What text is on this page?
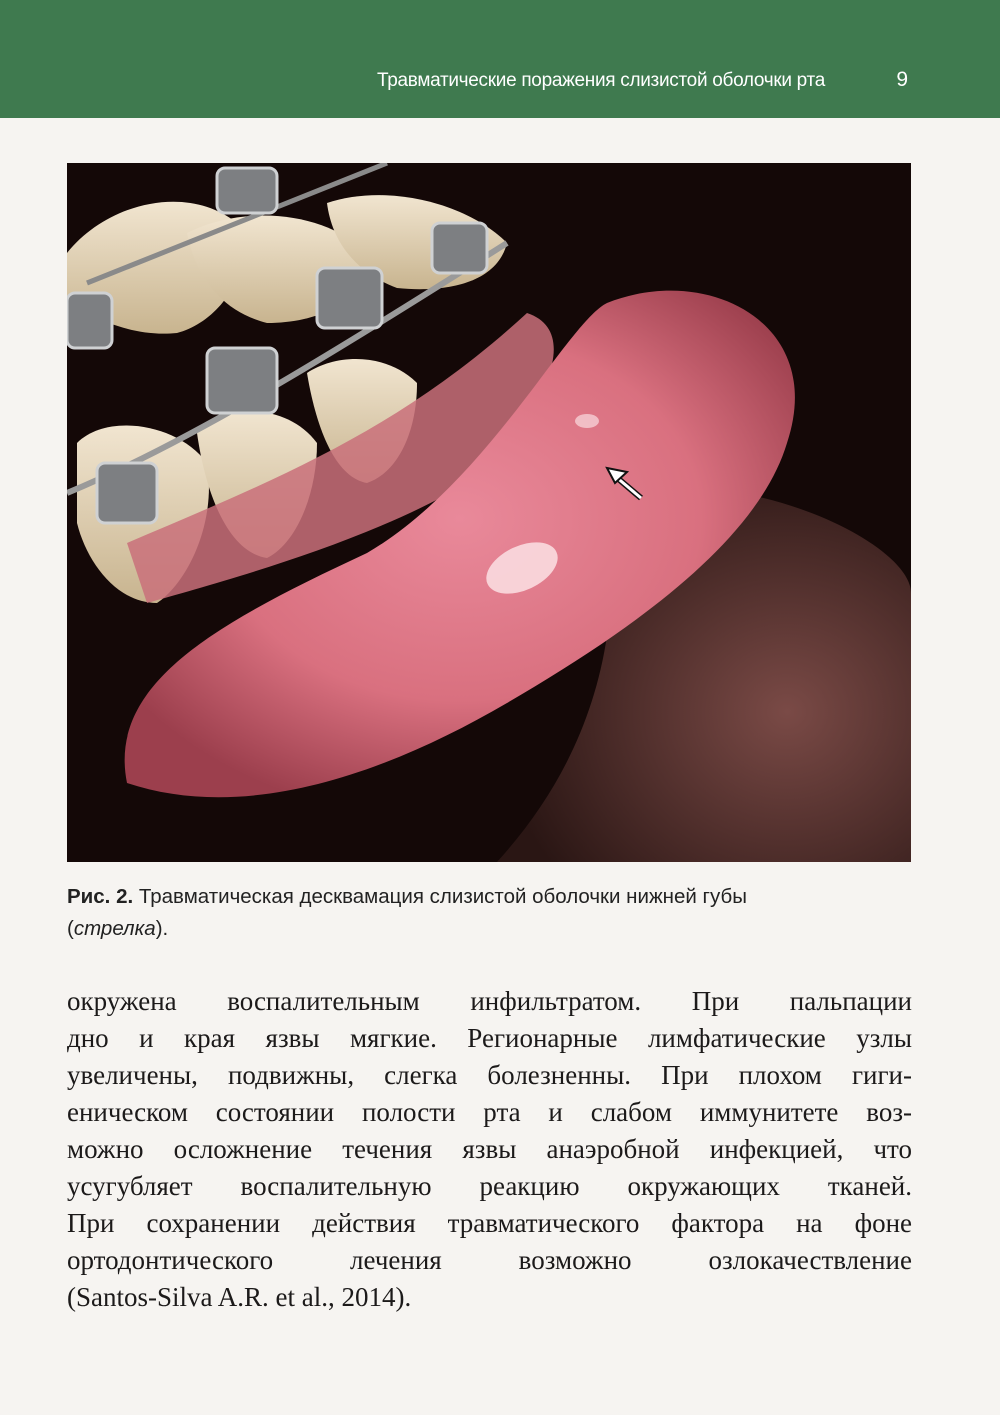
Травматические поражения слизистой оболочки рта	9
Рис. 2. Травматическая десквамация слизистой оболочки нижней губы
(стрелка).
окружена воспалительным инфильтратом. При пальпации
дно и края язвы мягкие. Регионарные лимфатические узлы
увеличены, подвижны, слегка болезненны. При плохом гиги-
еническом состоянии полости рта и слабом иммунитете воз-
можно осложнение течения язвы анаэробной инфекцией, что
усугубляет воспалительную реакцию окружающих тканей.
При сохранении действия травматического фактора на фоне
ортодонтического лечения возможно озлокачествление
(Santos-Silva A.R. et al., 2014).
